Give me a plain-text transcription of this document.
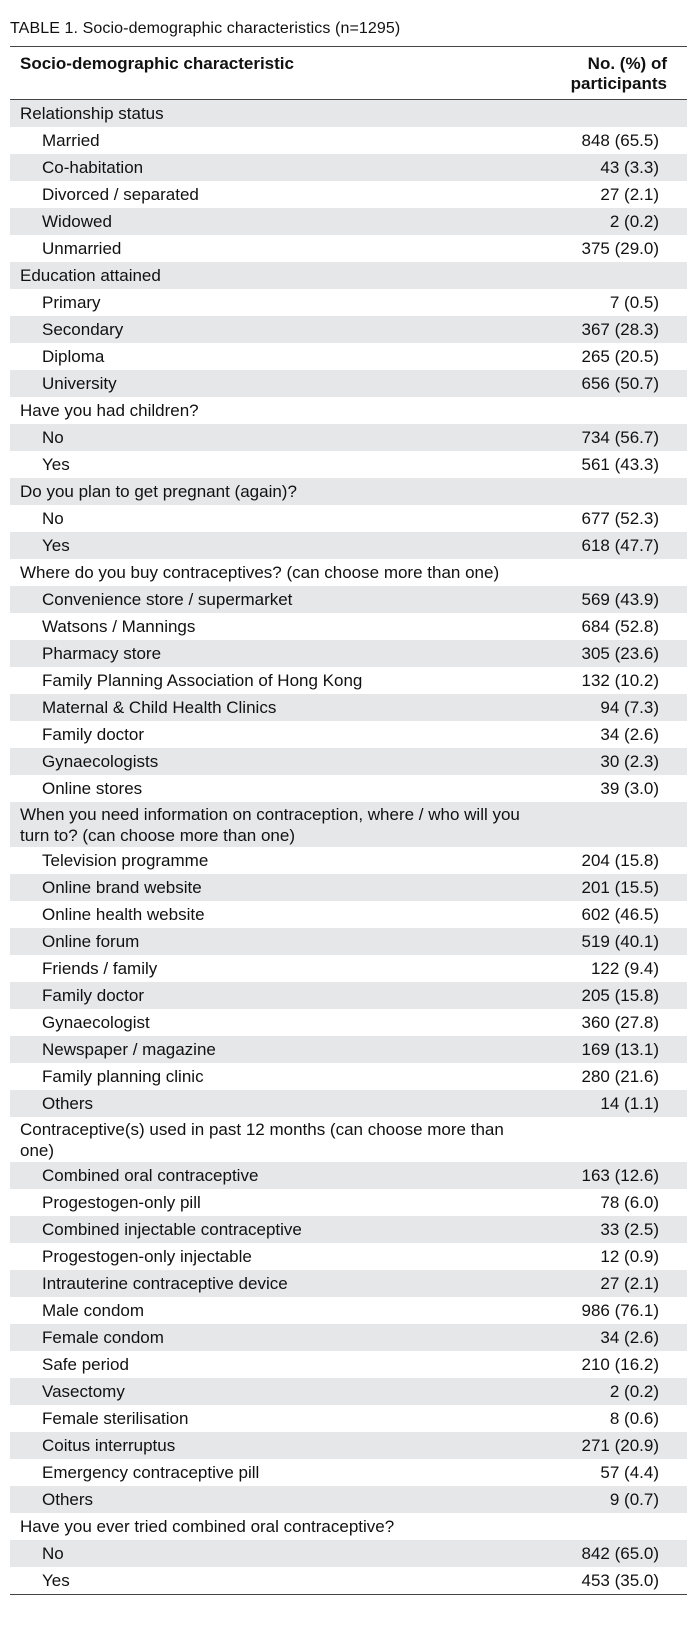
TABLE 1. Socio-demographic characteristics (n=1295)
Socio-demographic characteristic	No. (%) of
participants
Relationship status
Married	848 (65.5)
Co-habitation	43 (3.3)
Divorced / separated	27 (2.1)
Widowed	2 (0.2)
Unmarried	375 (29.0)
Education attained
Primary	7 (0.5)
Secondary	367 (28.3)
Diploma	265 (20.5)
University	656 (50.7)
Have you had children?
No	734 (56.7)
Yes	561 (43.3)
Do you plan to get pregnant (again)?
No	677 (52.3)
Yes	618 (47.7)
Where do you buy contraceptives? (can choose more than one)
Convenience store / supermarket	569 (43.9)
Watsons / Mannings	684 (52.8)
Pharmacy store	305 (23.6)
Family Planning Association of Hong Kong	132 (10.2)
Maternal & Child Health Clinics	94 (7.3)
Family doctor	34 (2.6)
Gynaecologists	30 (2.3)
Online stores	39 (3.0)
When you need information on contraception, where / who will you turn to? (can choose more than one)
Television programme	204 (15.8)
Online brand website	201 (15.5)
Online health website	602 (46.5)
Online forum	519 (40.1)
Friends / family	122 (9.4)
Family doctor	205 (15.8)
Gynaecologist	360 (27.8)
Newspaper / magazine	169 (13.1)
Family planning clinic	280 (21.6)
Others	14 (1.1)
Contraceptive(s) used in past 12 months (can choose more than one)
Combined oral contraceptive	163 (12.6)
Progestogen-only pill	78 (6.0)
Combined injectable contraceptive	33 (2.5)
Progestogen-only injectable	12 (0.9)
Intrauterine contraceptive device	27 (2.1)
Male condom	986 (76.1)
Female condom	34 (2.6)
Safe period	210 (16.2)
Vasectomy	2 (0.2)
Female sterilisation	8 (0.6)
Coitus interruptus	271 (20.9)
Emergency contraceptive pill	57 (4.4)
Others	9 (0.7)
Have you ever tried combined oral contraceptive?
No	842 (65.0)
Yes	453 (35.0)
